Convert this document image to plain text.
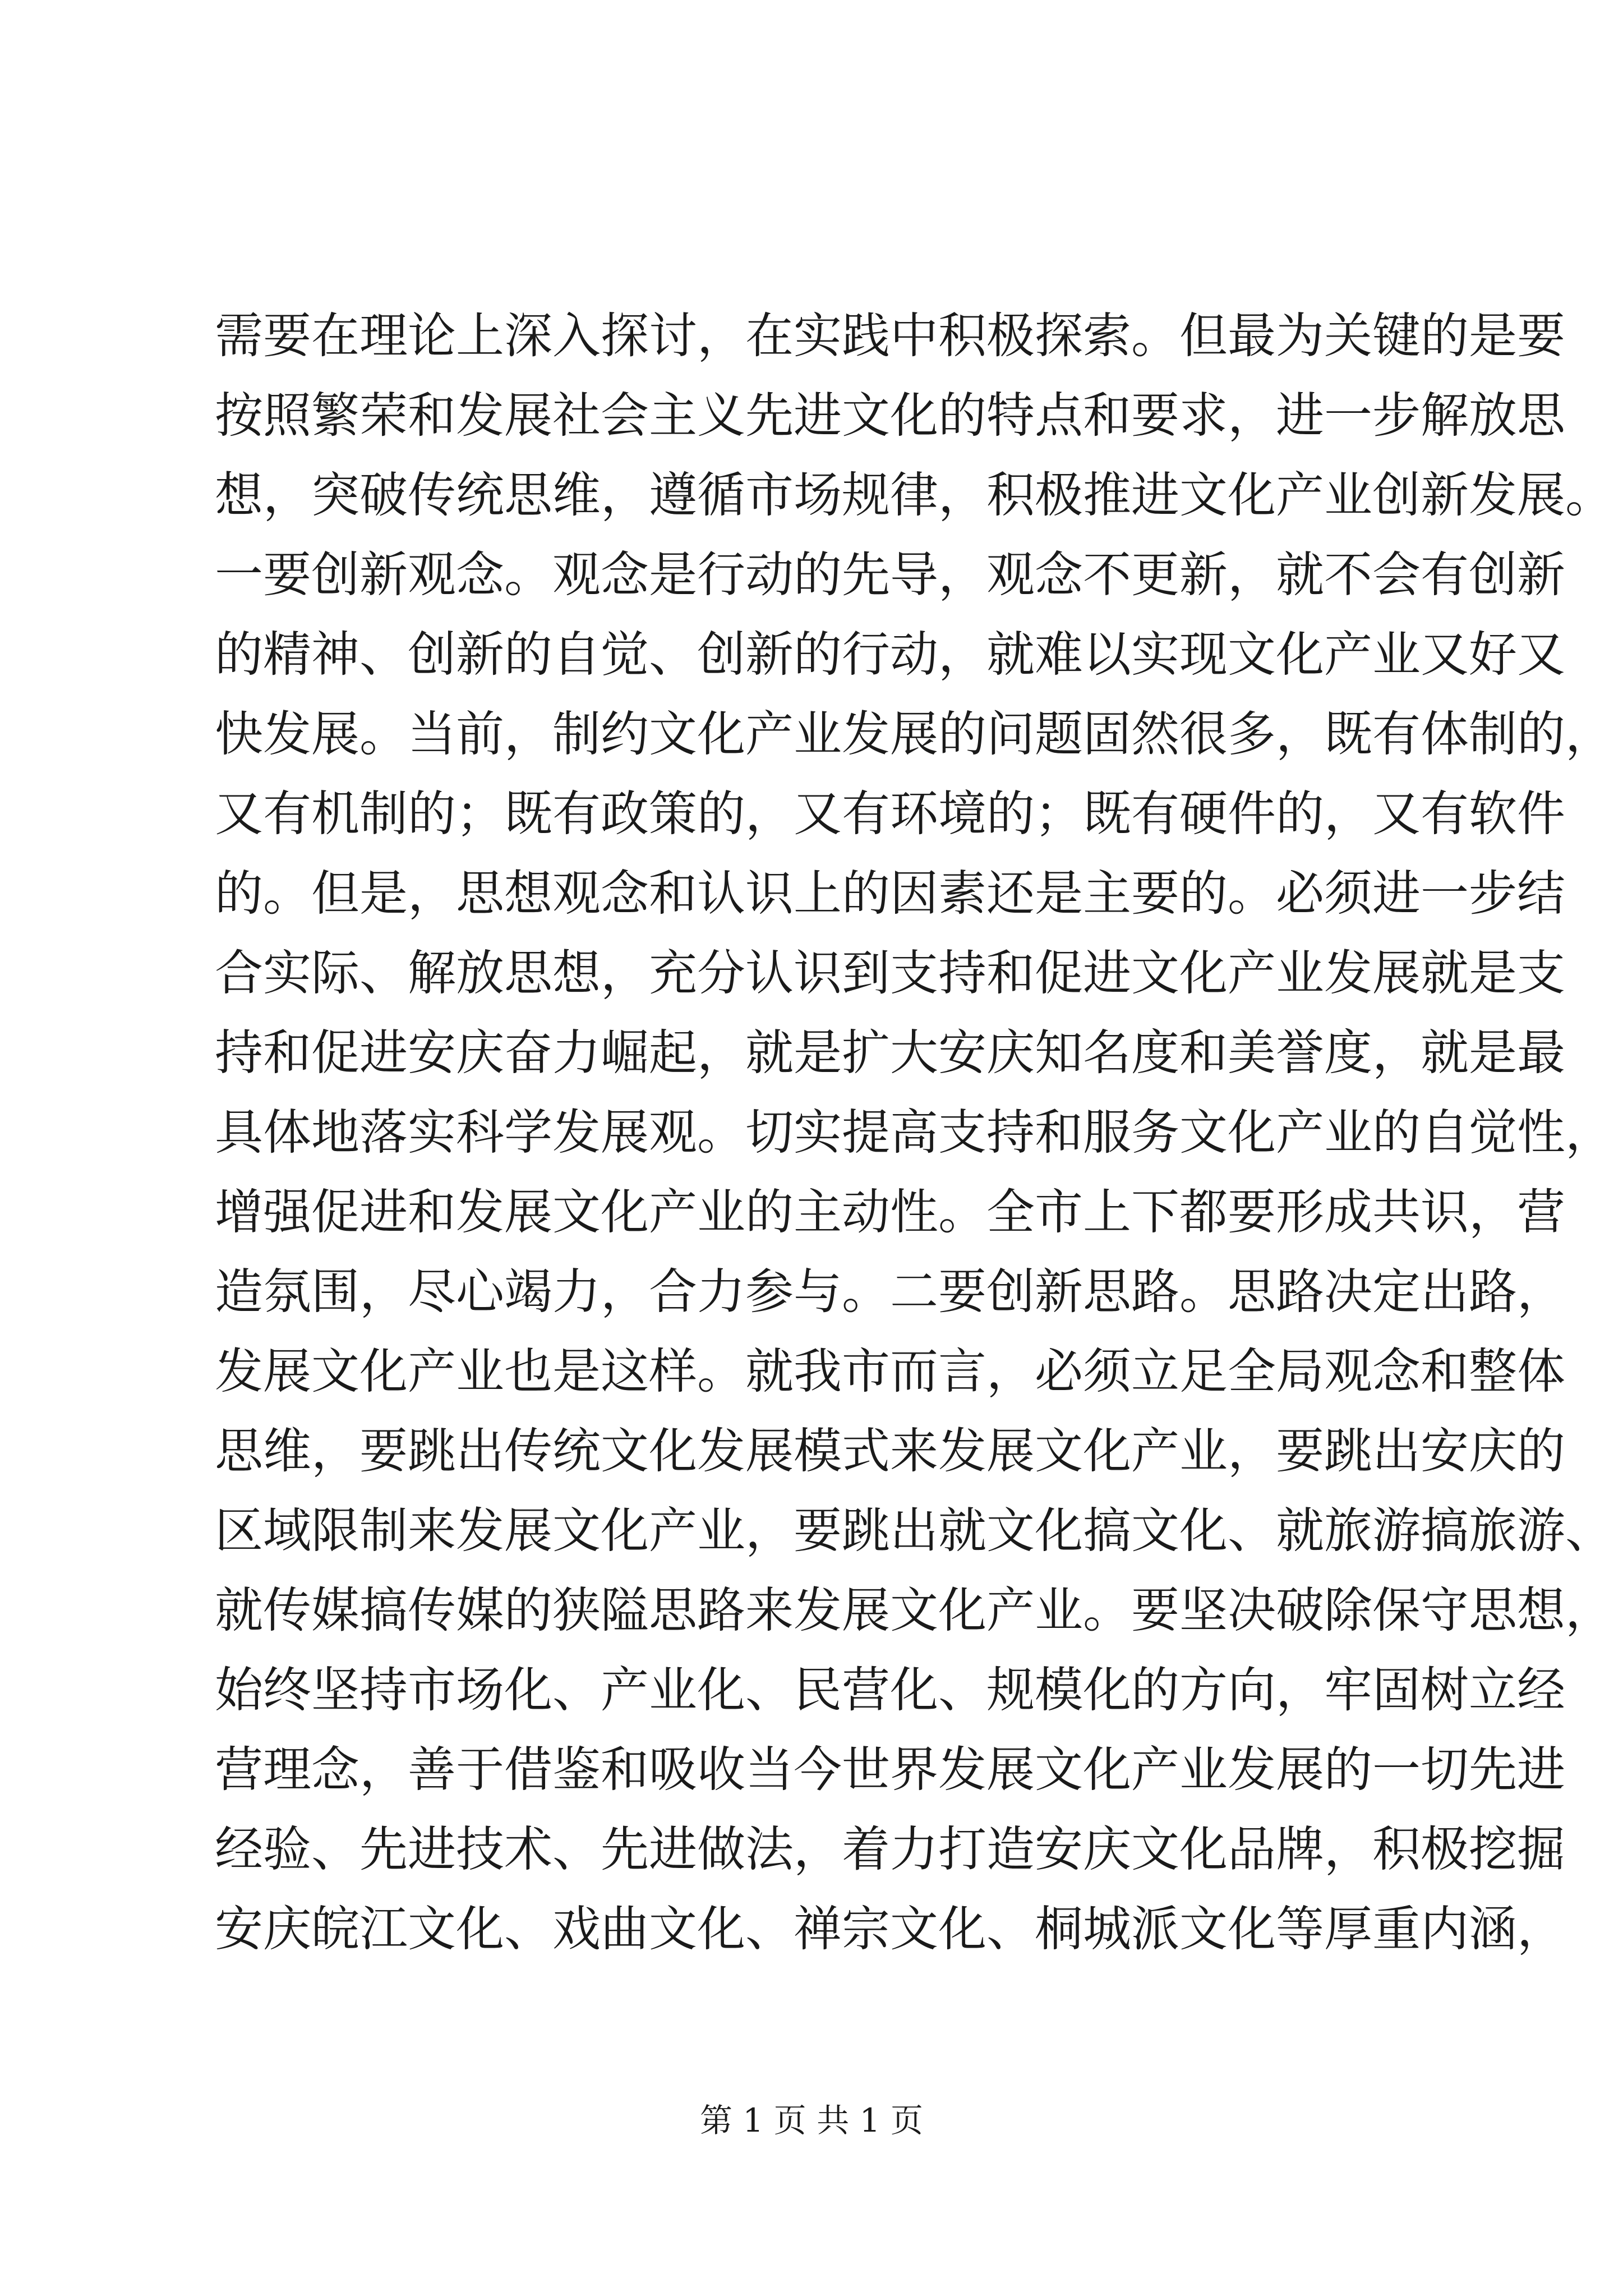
需要在理论上深入探讨，在实践中积极探索。但最为关键的是要
按照繁荣和发展社会主义先进文化的特点和要求，进一步解放思
想，突破传统思维，遵循市场规律，积极推进文化产业创新发展。
一要创新观念。观念是行动的先导，观念不更新，就不会有创新
的精神、创新的自觉、创新的行动，就难以实现文化产业又好又
快发展。当前，制约文化产业发展的问题固然很多，既有体制的，
又有机制的；既有政策的，又有环境的；既有硬件的，又有软件
的。但是，思想观念和认识上的因素还是主要的。必须进一步结
合实际、解放思想，充分认识到支持和促进文化产业发展就是支
持和促进安庆奋力崛起，就是扩大安庆知名度和美誉度，就是最
具体地落实科学发展观。切实提高支持和服务文化产业的自觉性，
增强促进和发展文化产业的主动性。全市上下都要形成共识，营
造氛围，尽心竭力，合力参与。二要创新思路。思路决定出路，
发展文化产业也是这样。就我市而言，必须立足全局观念和整体
思维，要跳出传统文化发展模式来发展文化产业，要跳出安庆的
区域限制来发展文化产业，要跳出就文化搞文化、就旅游搞旅游、
就传媒搞传媒的狭隘思路来发展文化产业。要坚决破除保守思想，
始终坚持市场化、产业化、民营化、规模化的方向，牢固树立经
营理念，善于借鉴和吸收当今世界发展文化产业发展的一切先进
经验、先进技术、先进做法，着力打造安庆文化品牌，积极挖掘
安庆皖江文化、戏曲文化、禅宗文化、桐城派文化等厚重内涵，
第 1 页 共 1 页
